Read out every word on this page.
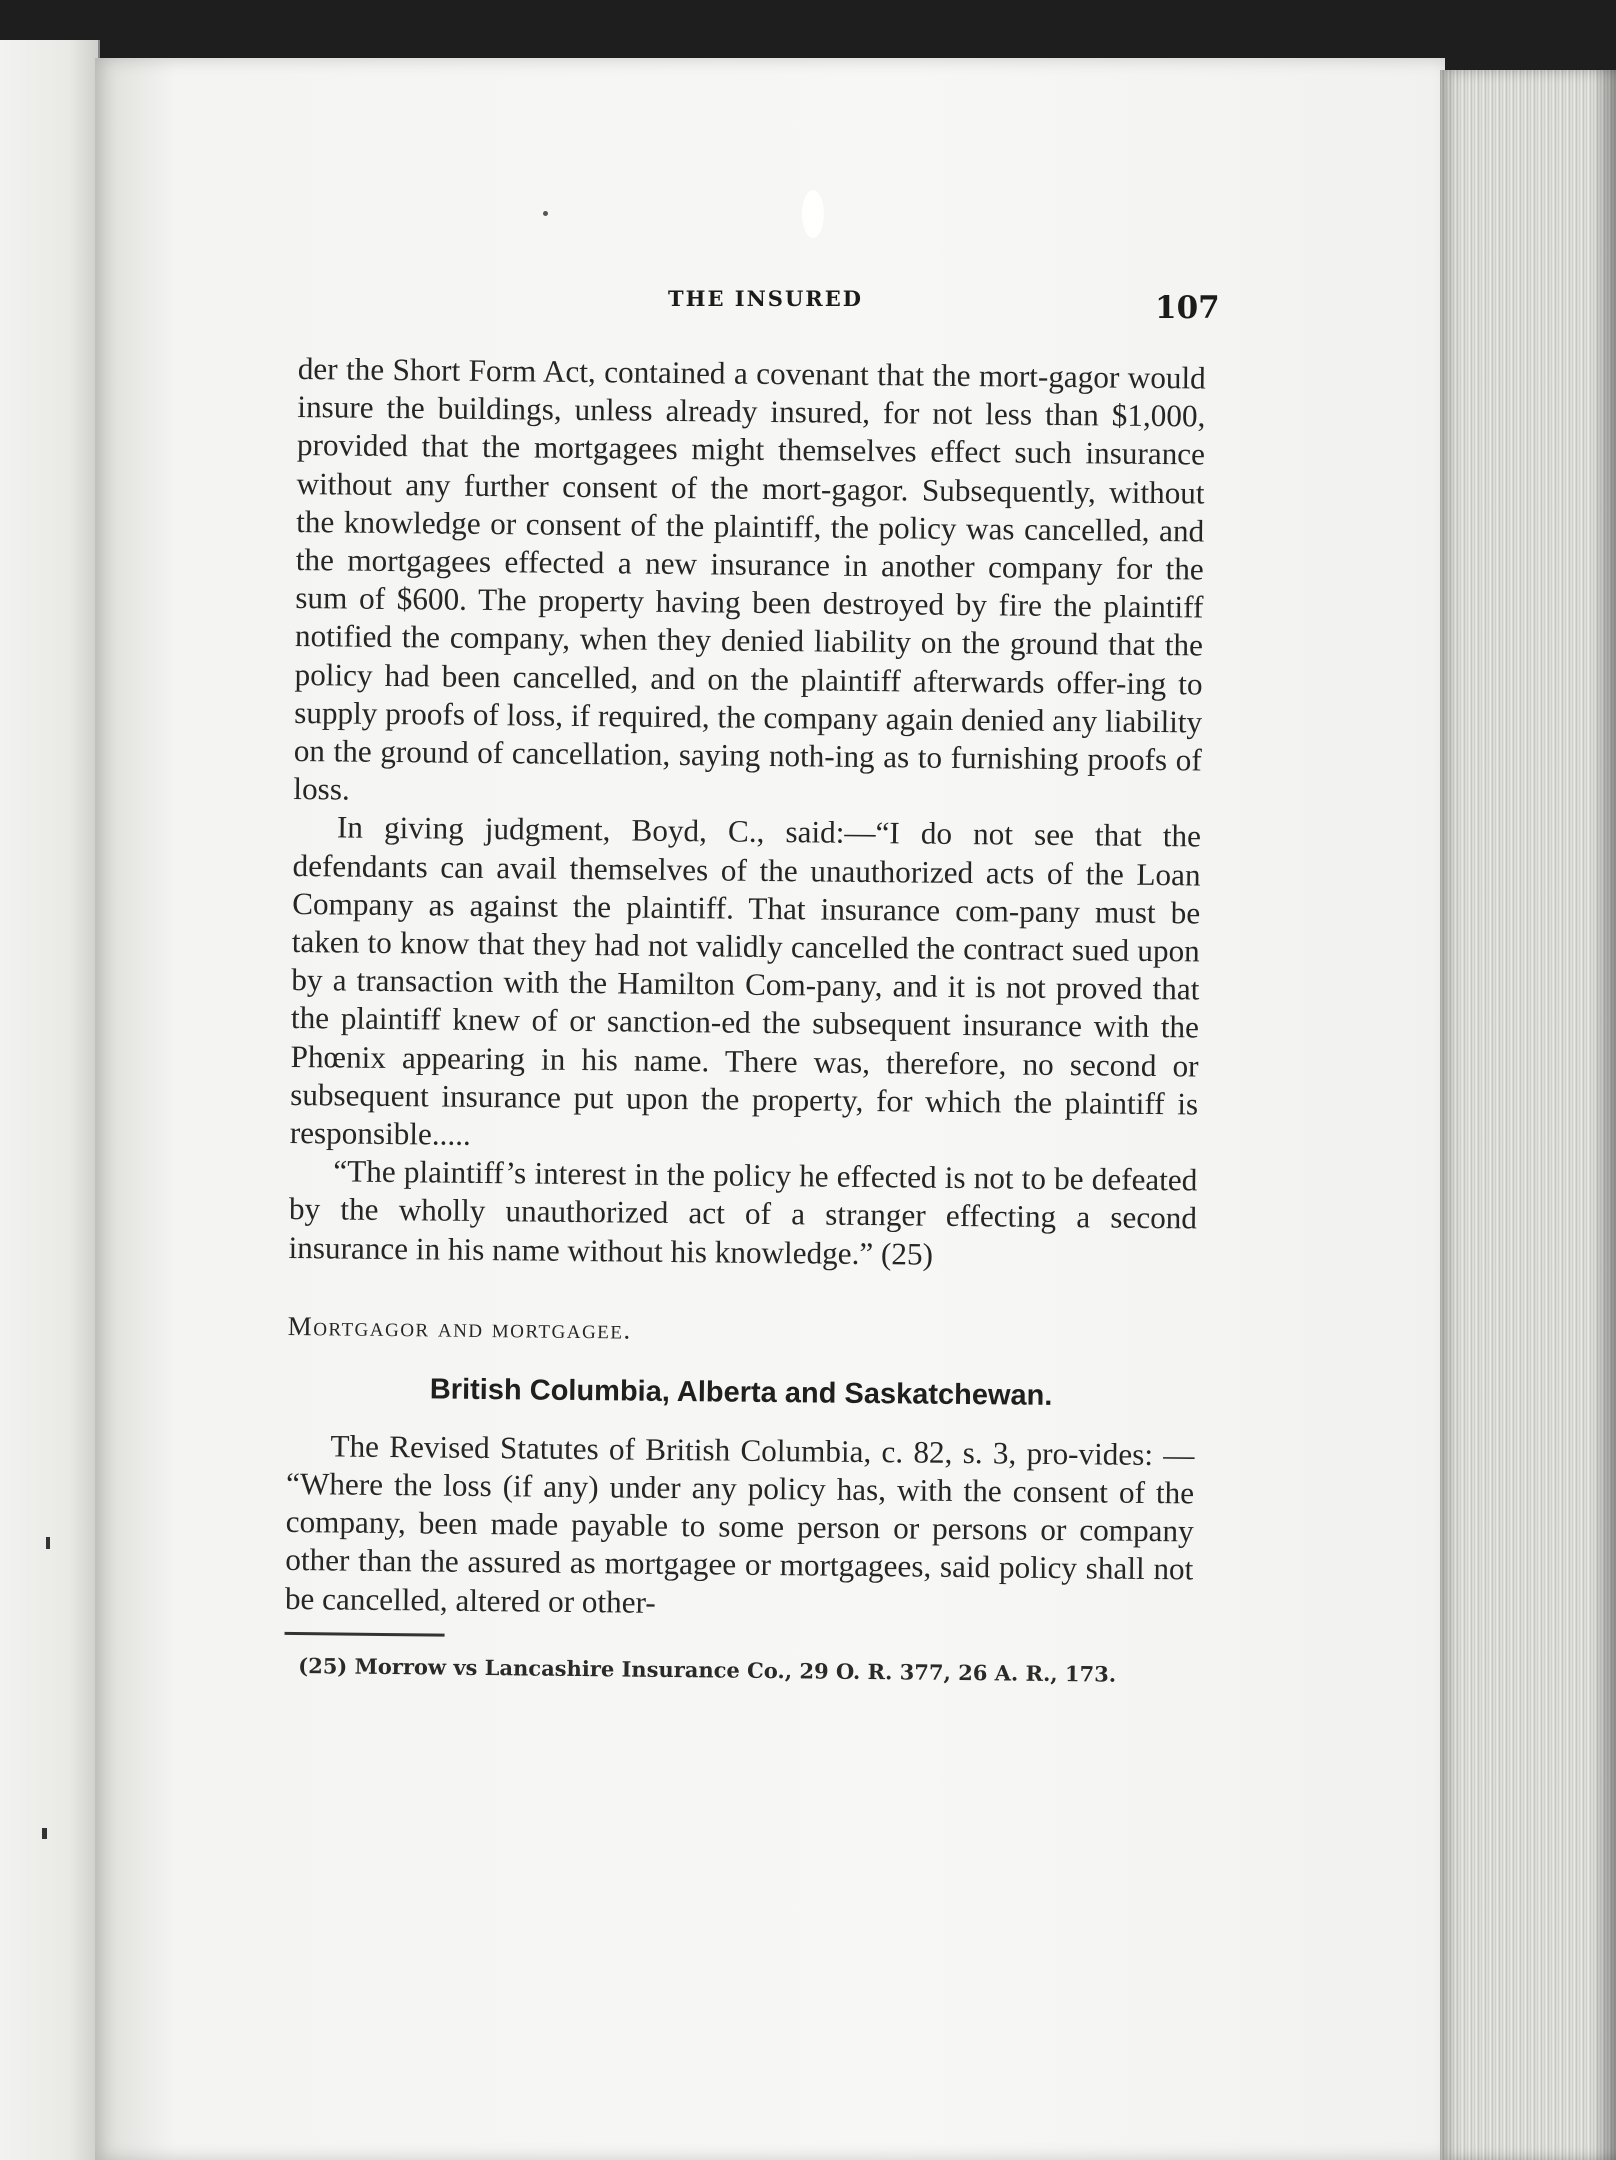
THE INSURED	107

der the Short Form Act, contained a covenant that the mort-gagor would insure the buildings, unless already insured, for not less than $1,000, provided that the mortgagees might themselves effect such insurance without any further consent of the mort-gagor. Subsequently, without the knowledge or consent of the plaintiff, the policy was cancelled, and the mortgagees effected a new insurance in another company for the sum of $600. The property having been destroyed by fire the plaintiff notified the company, when they denied liability on the ground that the policy had been cancelled, and on the plaintiff afterwards offer-ing to supply proofs of loss, if required, the company again denied any liability on the ground of cancellation, saying noth-ing as to furnishing proofs of loss.

In giving judgment, Boyd, C., said:—“I do not see that the defendants can avail themselves of the unauthorized acts of the Loan Company as against the plaintiff. That insurance com-pany must be taken to know that they had not validly cancelled the contract sued upon by a transaction with the Hamilton Com-pany, and it is not proved that the plaintiff knew of or sanction-ed the subsequent insurance with the Phœnix appearing in his name. There was, therefore, no second or subsequent insurance put upon the property, for which the plaintiff is responsible.....

“The plaintiff’s interest in the policy he effected is not to be defeated by the wholly unauthorized act of a stranger effecting a second insurance in his name without his knowledge.” (25)

Mortgagor and mortgagee.

British Columbia, Alberta and Saskatchewan.

The Revised Statutes of British Columbia, c. 82, s. 3, pro-vides: — “Where the loss (if any) under any policy has, with the consent of the company, been made payable to some person or persons or company other than the assured as mortgagee or mortgagees, said policy shall not be cancelled, altered or other-

(25) Morrow vs Lancashire Insurance Co., 29 O. R. 377, 26 A. R., 173.
